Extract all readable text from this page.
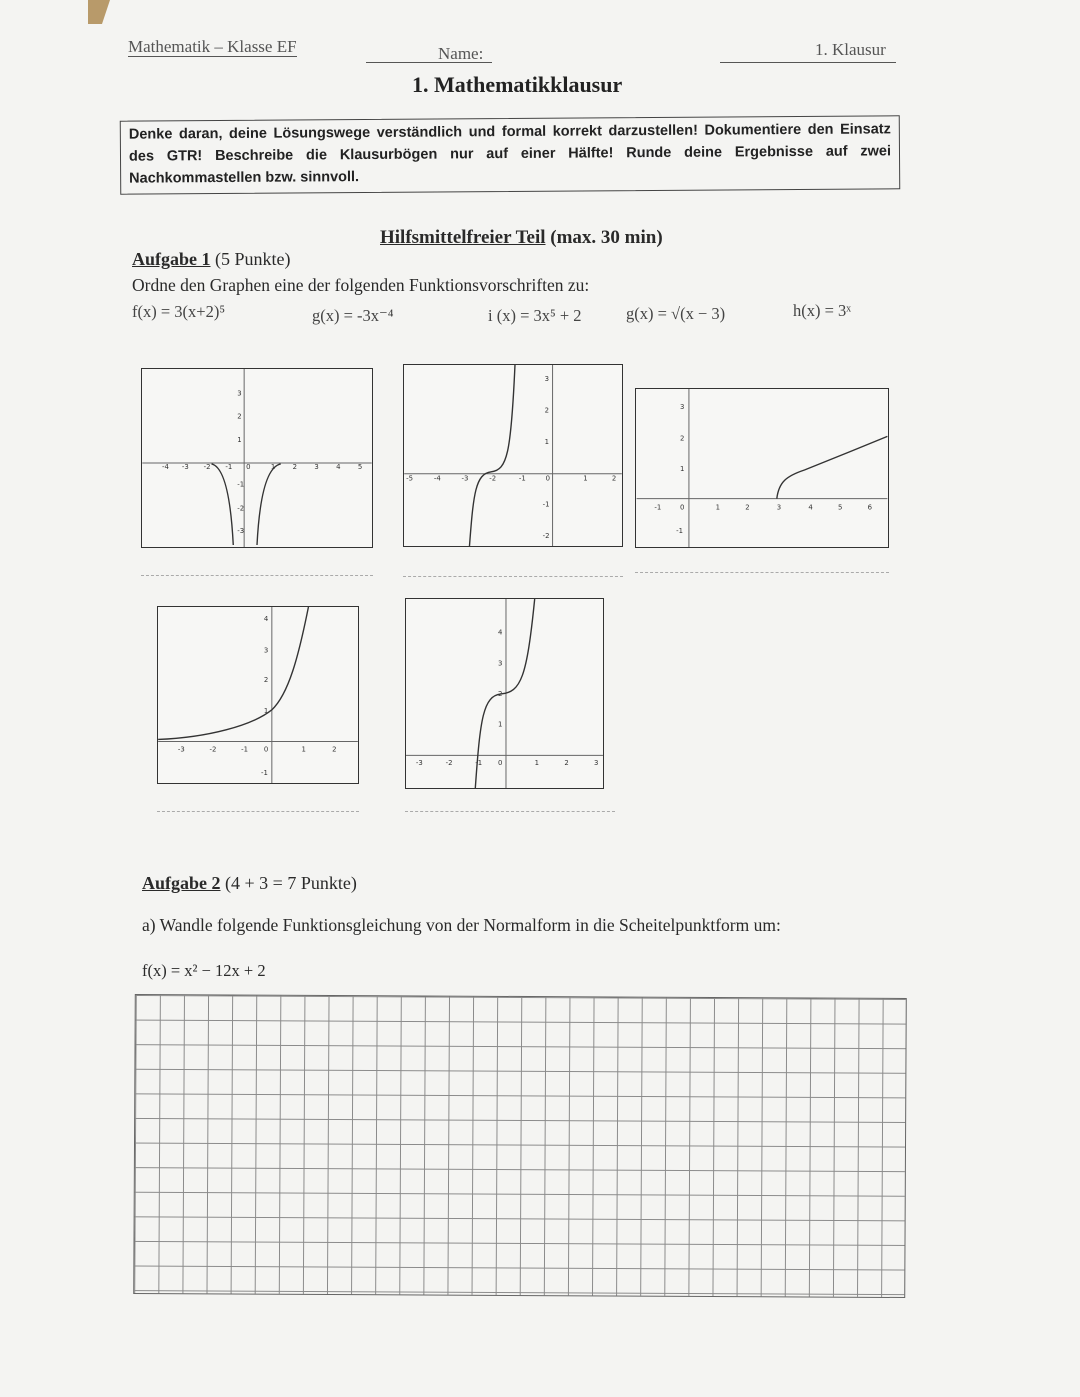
Mathematik – Klasse EF	Name:	1. Klausur
1. Mathematikklausur
Denke daran, deine Lösungswege verständlich und formal korrekt darzustellen! Dokumentiere den Einsatz des GTR! Beschreibe die Klausurbögen nur auf einer Hälfte! Runde deine Ergebnisse auf zwei Nachkommastellen bzw. sinnvoll.
Hilfsmittelfreier Teil (max. 30 min)
Aufgabe 1 (5 Punkte)
Ordne den Graphen eine der folgenden Funktionsvorschriften zu:
f(x) = 3(x+2)⁵	g(x) = -3x⁻⁴	i (x) = 3x⁵ + 2	g(x) = √(x − 3)	h(x) = 3ˣ
-4 -3 -2 -1 0	1 2 3 4 5
3
2
1
-1
-2
-3
-5	-4	-3	-2	-1	0	1	2
3
2
1
-1
-2
-1	0	1	2	3	4	5	6
3
2
1
-1
-3	-2	-1 0	1	2
4
3
2
1
-1
-3	-2	-1 0	1	2	3
4
3
2
1
Aufgabe 2 (4 + 3 = 7 Punkte)
a) Wandle folgende Funktionsgleichung von der Normalform in die Scheitelpunktform um:
f(x) = x² − 12x + 2
